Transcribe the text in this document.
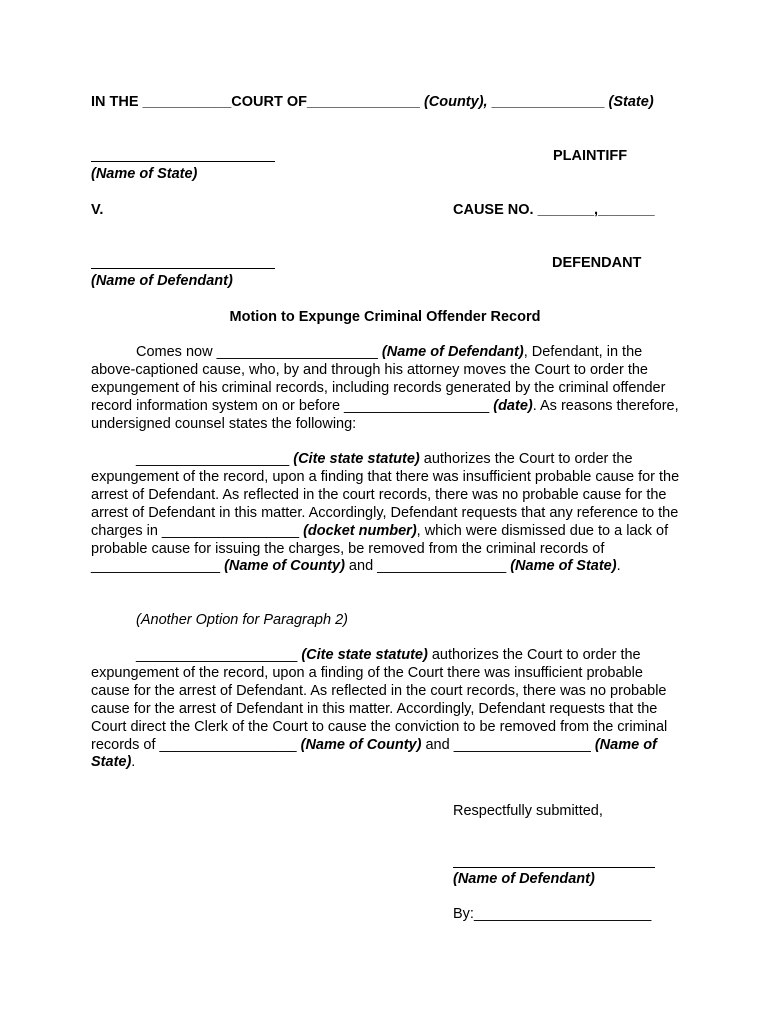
IN THE ___________COURT OF______________ (County), ______________ (State)
(Name of State)
PLAINTIFF
V.	CAUSE NO. _______,_______
(Name of Defendant)
DEFENDANT
Motion to Expunge Criminal Offender Record
Comes now ____________________ (Name of Defendant), Defendant, in the above-captioned cause, who, by and through his attorney moves the Court to order the expungement of his criminal records, including records generated by the criminal offender record information system on or before __________________ (date). As reasons therefore, undersigned counsel states the following:
___________________ (Cite state statute) authorizes the Court to order the expungement of the record, upon a finding that there was insufficient probable cause for the arrest of Defendant. As reflected in the court records, there was no probable cause for the arrest of Defendant in this matter. Accordingly, Defendant requests that any reference to the charges in _________________ (docket number), which were dismissed due to a lack of probable cause for issuing the charges, be removed from the criminal records of ________________ (Name of County) and ________________ (Name of State).
(Another Option for Paragraph 2)
____________________ (Cite state statute) authorizes the Court to order the expungement of the record, upon a finding of the Court there was insufficient probable cause for the arrest of Defendant. As reflected in the court records, there was no probable cause for the arrest of Defendant in this matter. Accordingly, Defendant requests that the Court direct the Clerk of the Court to cause the conviction to be removed from the criminal records of _________________ (Name of County) and _________________ (Name of State).
Respectfully submitted,
(Name of Defendant)
By:______________________
